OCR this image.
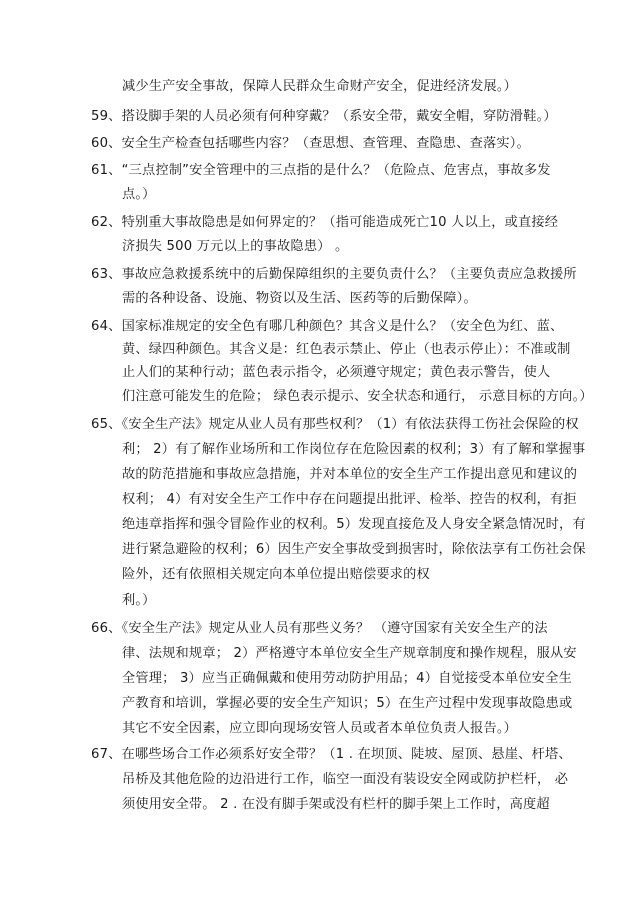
减少生产安全事故，保障人民群众生命财产安全，促进经济发展。）
59、搭设脚手架的人员必须有何种穿戴？（系安全带，戴安全帽，穿防滑鞋。）
60、安全生产检查包括哪些内容？（查思想、查管理、查隐患、查落实）。
61、“三点控制”安全管理中的三点指的是什么？（危险点、危害点，事故多发
点。）
62、特别重大事故隐患是如何界定的？（指可能造成死亡10 人以上，或直接经
济损失 500 万元以上的事故隐患） 。
63、事故应急救援系统中的后勤保障组织的主要负责什么？（主要负责应急救援所
需的各种设备、设施、物资以及生活、医药等的后勤保障）。
64、国家标准规定的安全色有哪几种颜色？其含义是什么？（安全色为红、蓝、
黄、绿四种颜色。其含义是：红色表示禁止、停止（也表示停止）：不准或制
止人们的某种行动；蓝色表示指令，必须遵守规定；黄色表示警告，使人
们注意可能发生的危险； 绿色表示提示、安全状态和通行， 示意目标的方向。）
65、《安全生产法》规定从业人员有那些权利？（1）有依法获得工伤社会保险的权
利； 2）有了解作业场所和工作岗位存在危险因素的权利；3）有了解和掌握事
故的防范措施和事故应急措施，并对本单位的安全生产工作提出意见和建议的
权利； 4）有对安全生产工作中存在问题提出批评、检举、控告的权利，有拒
绝违章指挥和强令冒险作业的权利。5）发现直接危及人身安全紧急情况时，有
进行紧急避险的权利；6）因生产安全事故受到损害时，除依法享有工伤社会保
险外，还有依照相关规定向本单位提出赔偿要求的权
利。）
66、《安全生产法》规定从业人员有那些义务？ （遵守国家有关安全生产的法
律、法规和规章； 2）严格遵守本单位安全生产规章制度和操作规程，服从安
全管理； 3）应当正确佩戴和使用劳动防护用品；4）自觉接受本单位安全生
产教育和培训，掌握必要的安全生产知识；5）在生产过程中发现事故隐患或
其它不安全因素，应立即向现场安管人员或者本单位负责人报告。）
67、在哪些场合工作必须系好安全带？（1 . 在坝顶、陡坡、屋顶、悬崖、杆塔、
吊桥及其他危险的边沿进行工作，临空一面没有装设安全网或防护栏杆， 必
须使用安全带。 2 . 在没有脚手架或没有栏杆的脚手架上工作时，高度超
